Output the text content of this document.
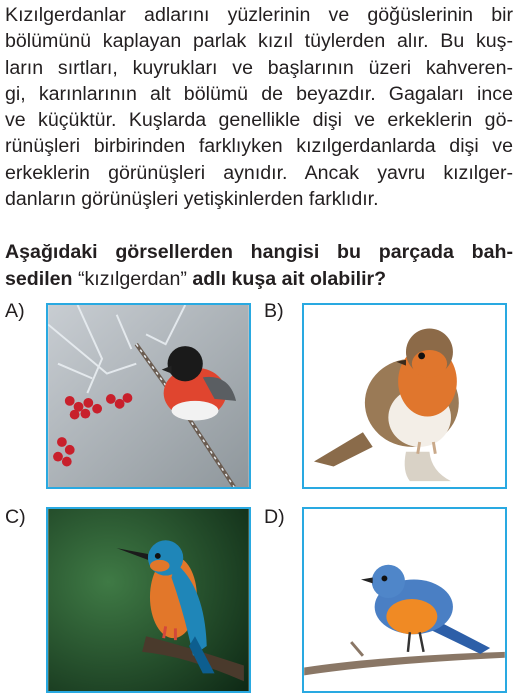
Kızılgerdanlar adlarını yüzlerinin ve göğüslerinin bir
bölümünü kaplayan parlak kızıl tüylerden alır. Bu kuş-
ların sırtları, kuyrukları ve başlarının üzeri kahveren-
gi, karınlarının alt bölümü de beyazdır. Gagaları ince
ve küçüktür. Kuşlarda genellikle dişi ve erkeklerin gö-
rünüşleri birbirinden farklıyken kızılgerdanlarda dişi ve
erkeklerin görünüşleri aynıdır. Ancak yavru kızılger-
danların görünüşleri yetişkinlerden farklıdır.
Aşağıdaki görsellerden hangisi bu parçada bah-
sedilen “kızılgerdan” adlı kuşa ait olabilir?
A)	B)
C)	D)
